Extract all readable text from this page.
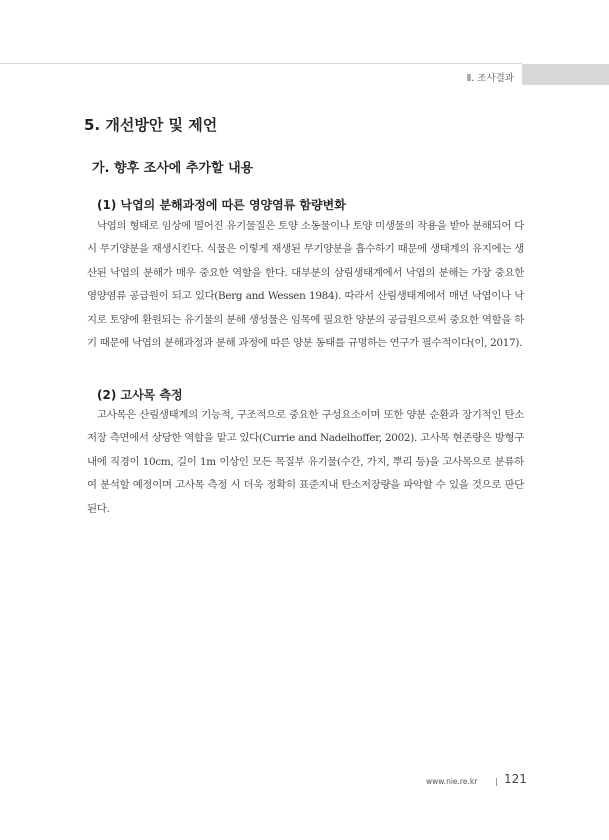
Ⅱ. 조사결과
5. 개선방안 및 제언
가. 향후 조사에 추가할 내용
(1) 낙엽의 분해과정에 따른 영양염류 함량변화

낙엽의 형태로 임상에 떨어진 유기물질은 토양 소동물이나 토양 미생물의 작용을 받아 분해되어 다시 무기양분을 재생시킨다. 식물은 이렇게 재생된 무기양분을 흡수하기 때문에 생태계의 유지에는 생산된 낙엽의 분해가 매우 중요한 역할을 한다. 대부분의 삼림생태계에서 낙엽의 분해는 가장 중요한 영양염류 공급원이 되고 있다(Berg and Wessen 1984). 따라서 산림생태계에서 매년 낙엽이나 낙지로 토양에 환원되는 유기물의 분해 생성물은 임목에 필요한 양분의 공급원으로써 중요한 역할을 하기 때문에 낙엽의 분해과정과 분해 과정에 따른 양분 동태를 규명하는 연구가 필수적이다(이, 2017).

(2) 고사목 측정

고사목은 산림생태계의 기능적, 구조적으로 중요한 구성요소이며 또한 양분 순환과 장기적인 탄소 저장 측면에서 상당한 역할을 맡고 있다(Currie and Nadelhoffer, 2002). 고사목 현존량은 방형구 내에 직경이 10cm, 길이 1m 이상인 모든 목질부 유기물(수간, 가지, 뿌리 등)을 고사목으로 분류하여 분석할 예정이며 고사목 측정 시 더욱 정확히 표준지내 탄소저장량을 파악할 수 있을 것으로 판단된다.

www.nie.re.kr 121
